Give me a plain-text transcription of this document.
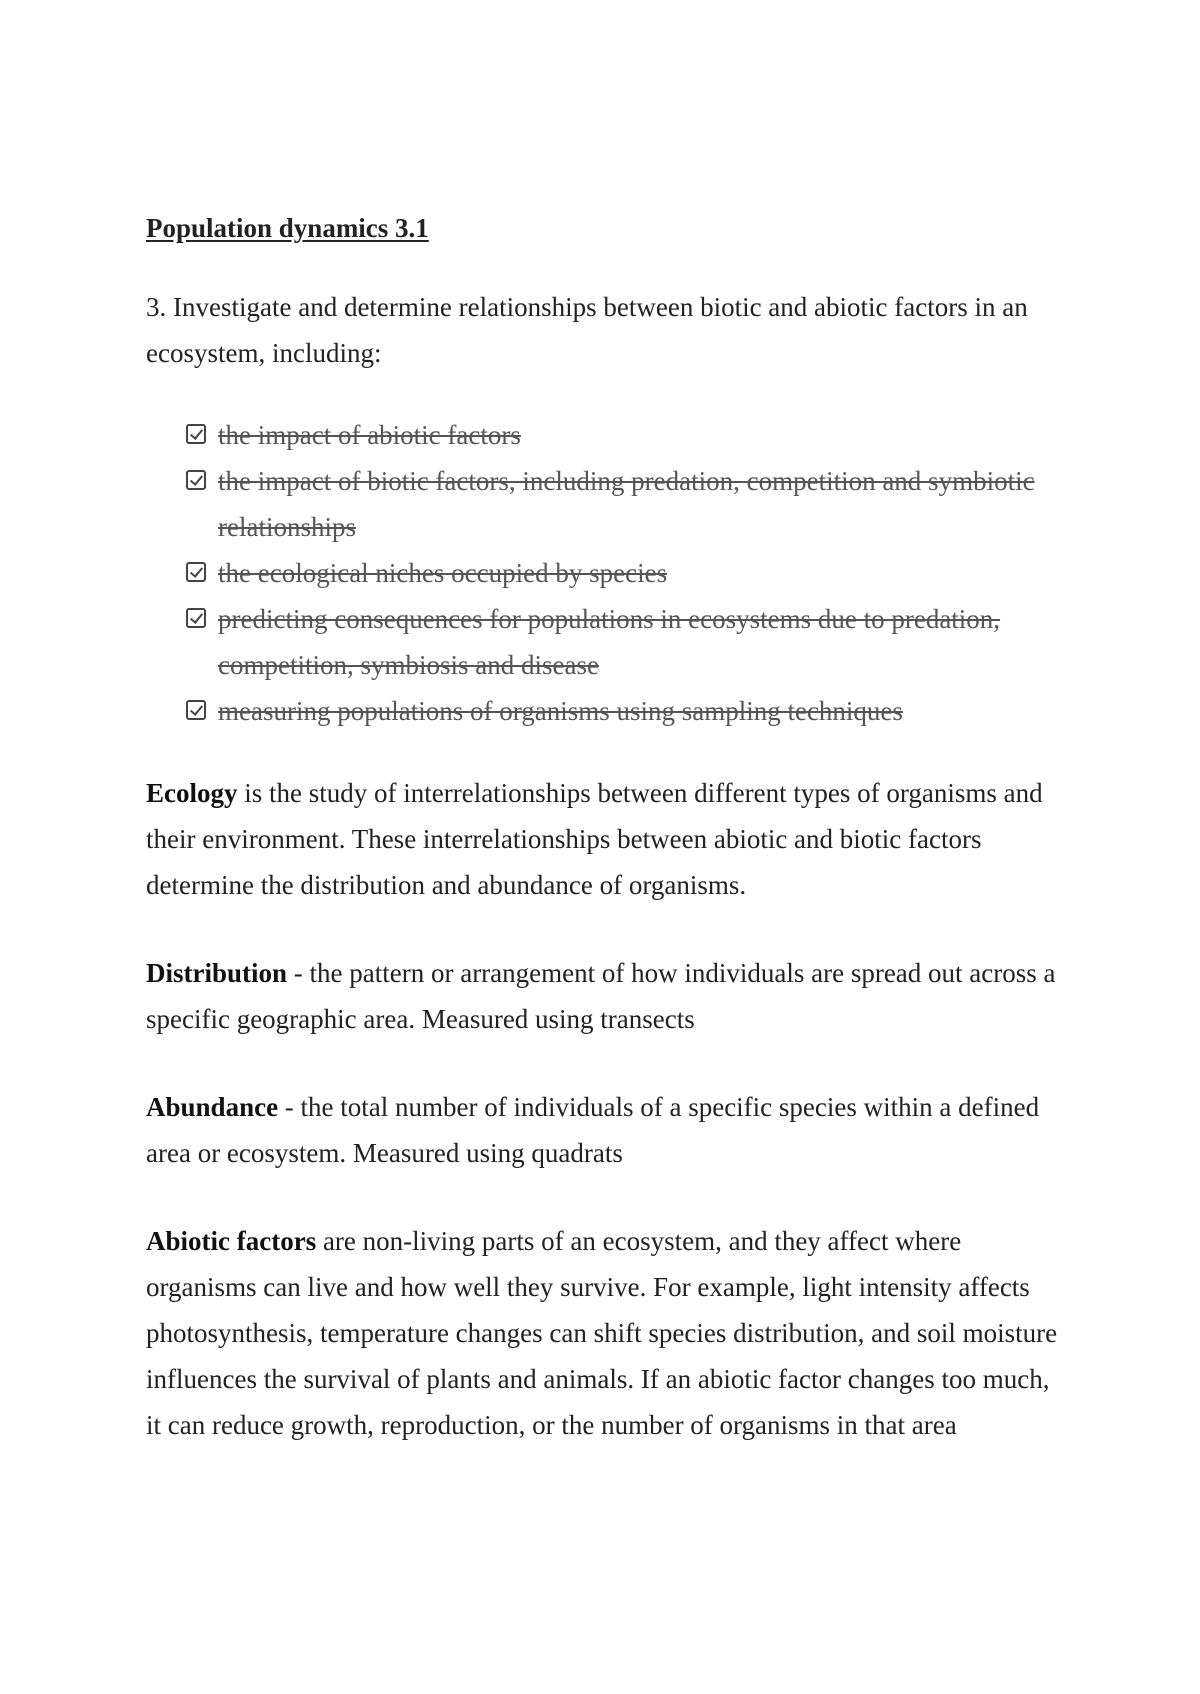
Population dynamics 3.1
3. Investigate and determine relationships between biotic and abiotic factors in an ecosystem, including:
the impact of abiotic factors
the impact of biotic factors, including predation, competition and symbiotic relationships
the ecological niches occupied by species
predicting consequences for populations in ecosystems due to predation, competition, symbiosis and disease
measuring populations of organisms using sampling techniques

Ecology is the study of interrelationships between different types of organisms and their environment. These interrelationships between abiotic and biotic factors determine the distribution and abundance of organisms.

Distribution - the pattern or arrangement of how individuals are spread out across a specific geographic area. Measured using transects

Abundance - the total number of individuals of a specific species within a defined area or ecosystem. Measured using quadrats

Abiotic factors are non-living parts of an ecosystem, and they affect where organisms can live and how well they survive. For example, light intensity affects photosynthesis, temperature changes can shift species distribution, and soil moisture influences the survival of plants and animals. If an abiotic factor changes too much, it can reduce growth, reproduction, or the number of organisms in that area
